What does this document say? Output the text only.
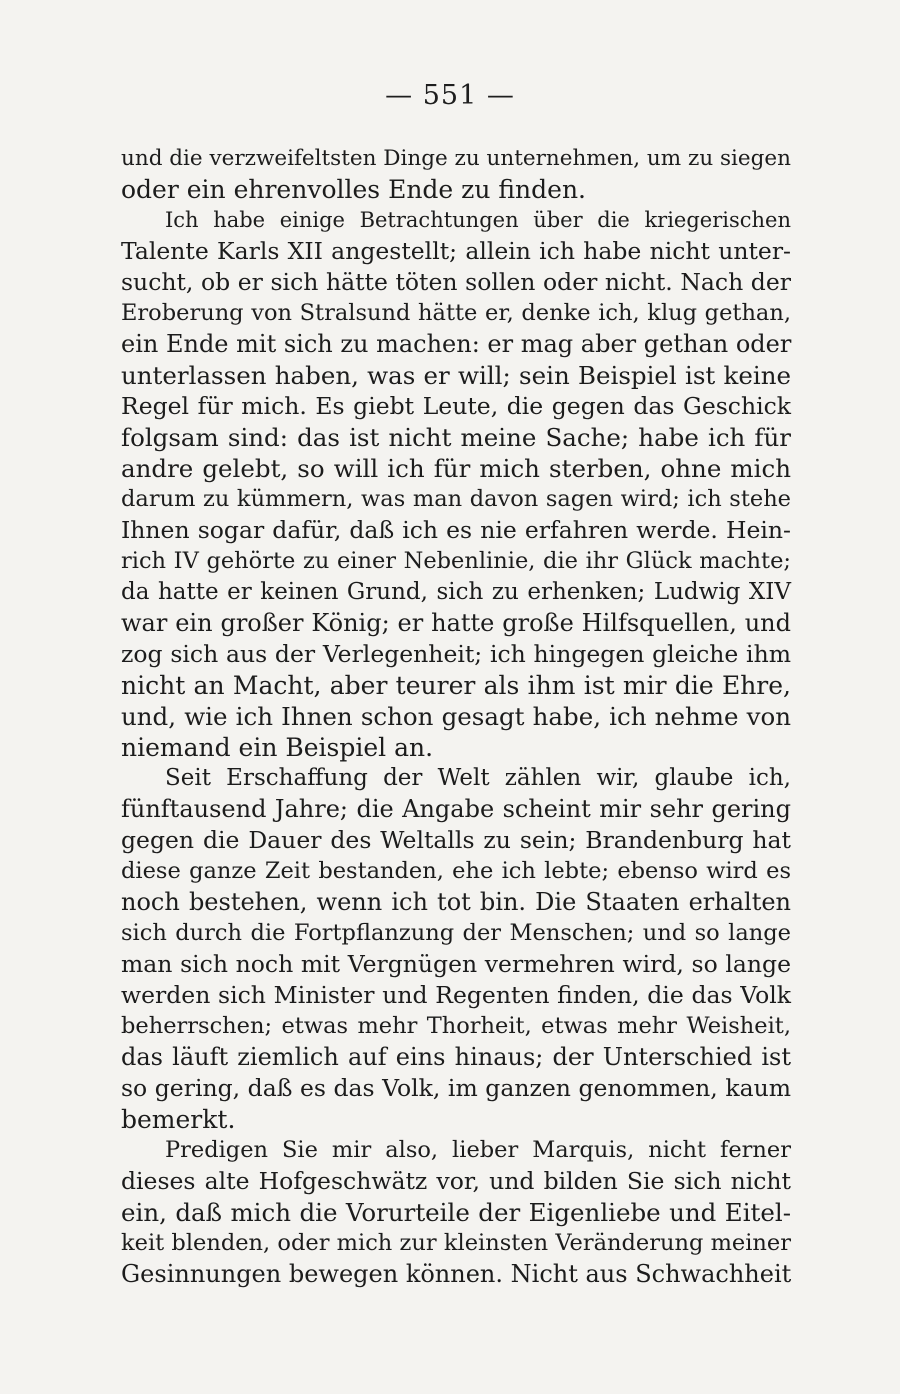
— 551 —
und die verzweifeltsten Dinge zu unternehmen, um zu siegen
oder ein ehrenvolles Ende zu finden.
Ich habe einige Betrachtungen über die kriegerischen
Talente Karls XII angestellt; allein ich habe nicht unter-
sucht, ob er sich hätte töten sollen oder nicht. Nach der
Eroberung von Stralsund hätte er, denke ich, klug gethan,
ein Ende mit sich zu machen: er mag aber gethan oder
unterlassen haben, was er will; sein Beispiel ist keine
Regel für mich. Es giebt Leute, die gegen das Geschick
folgsam sind: das ist nicht meine Sache; habe ich für
andre gelebt, so will ich für mich sterben, ohne mich
darum zu kümmern, was man davon sagen wird; ich stehe
Ihnen sogar dafür, daß ich es nie erfahren werde. Hein-
rich IV gehörte zu einer Nebenlinie, die ihr Glück machte;
da hatte er keinen Grund, sich zu erhenken; Ludwig XIV
war ein großer König; er hatte große Hilfsquellen, und
zog sich aus der Verlegenheit; ich hingegen gleiche ihm
nicht an Macht, aber teurer als ihm ist mir die Ehre,
und, wie ich Ihnen schon gesagt habe, ich nehme von
niemand ein Beispiel an.
Seit Erschaffung der Welt zählen wir, glaube ich,
fünftausend Jahre; die Angabe scheint mir sehr gering
gegen die Dauer des Weltalls zu sein; Brandenburg hat
diese ganze Zeit bestanden, ehe ich lebte; ebenso wird es
noch bestehen, wenn ich tot bin. Die Staaten erhalten
sich durch die Fortpflanzung der Menschen; und so lange
man sich noch mit Vergnügen vermehren wird, so lange
werden sich Minister und Regenten finden, die das Volk
beherrschen; etwas mehr Thorheit, etwas mehr Weisheit,
das läuft ziemlich auf eins hinaus; der Unterschied ist
so gering, daß es das Volk, im ganzen genommen, kaum
bemerkt.
Predigen Sie mir also, lieber Marquis, nicht ferner
dieses alte Hofgeschwätz vor, und bilden Sie sich nicht
ein, daß mich die Vorurteile der Eigenliebe und Eitel-
keit blenden, oder mich zur kleinsten Veränderung meiner
Gesinnungen bewegen können. Nicht aus Schwachheit
